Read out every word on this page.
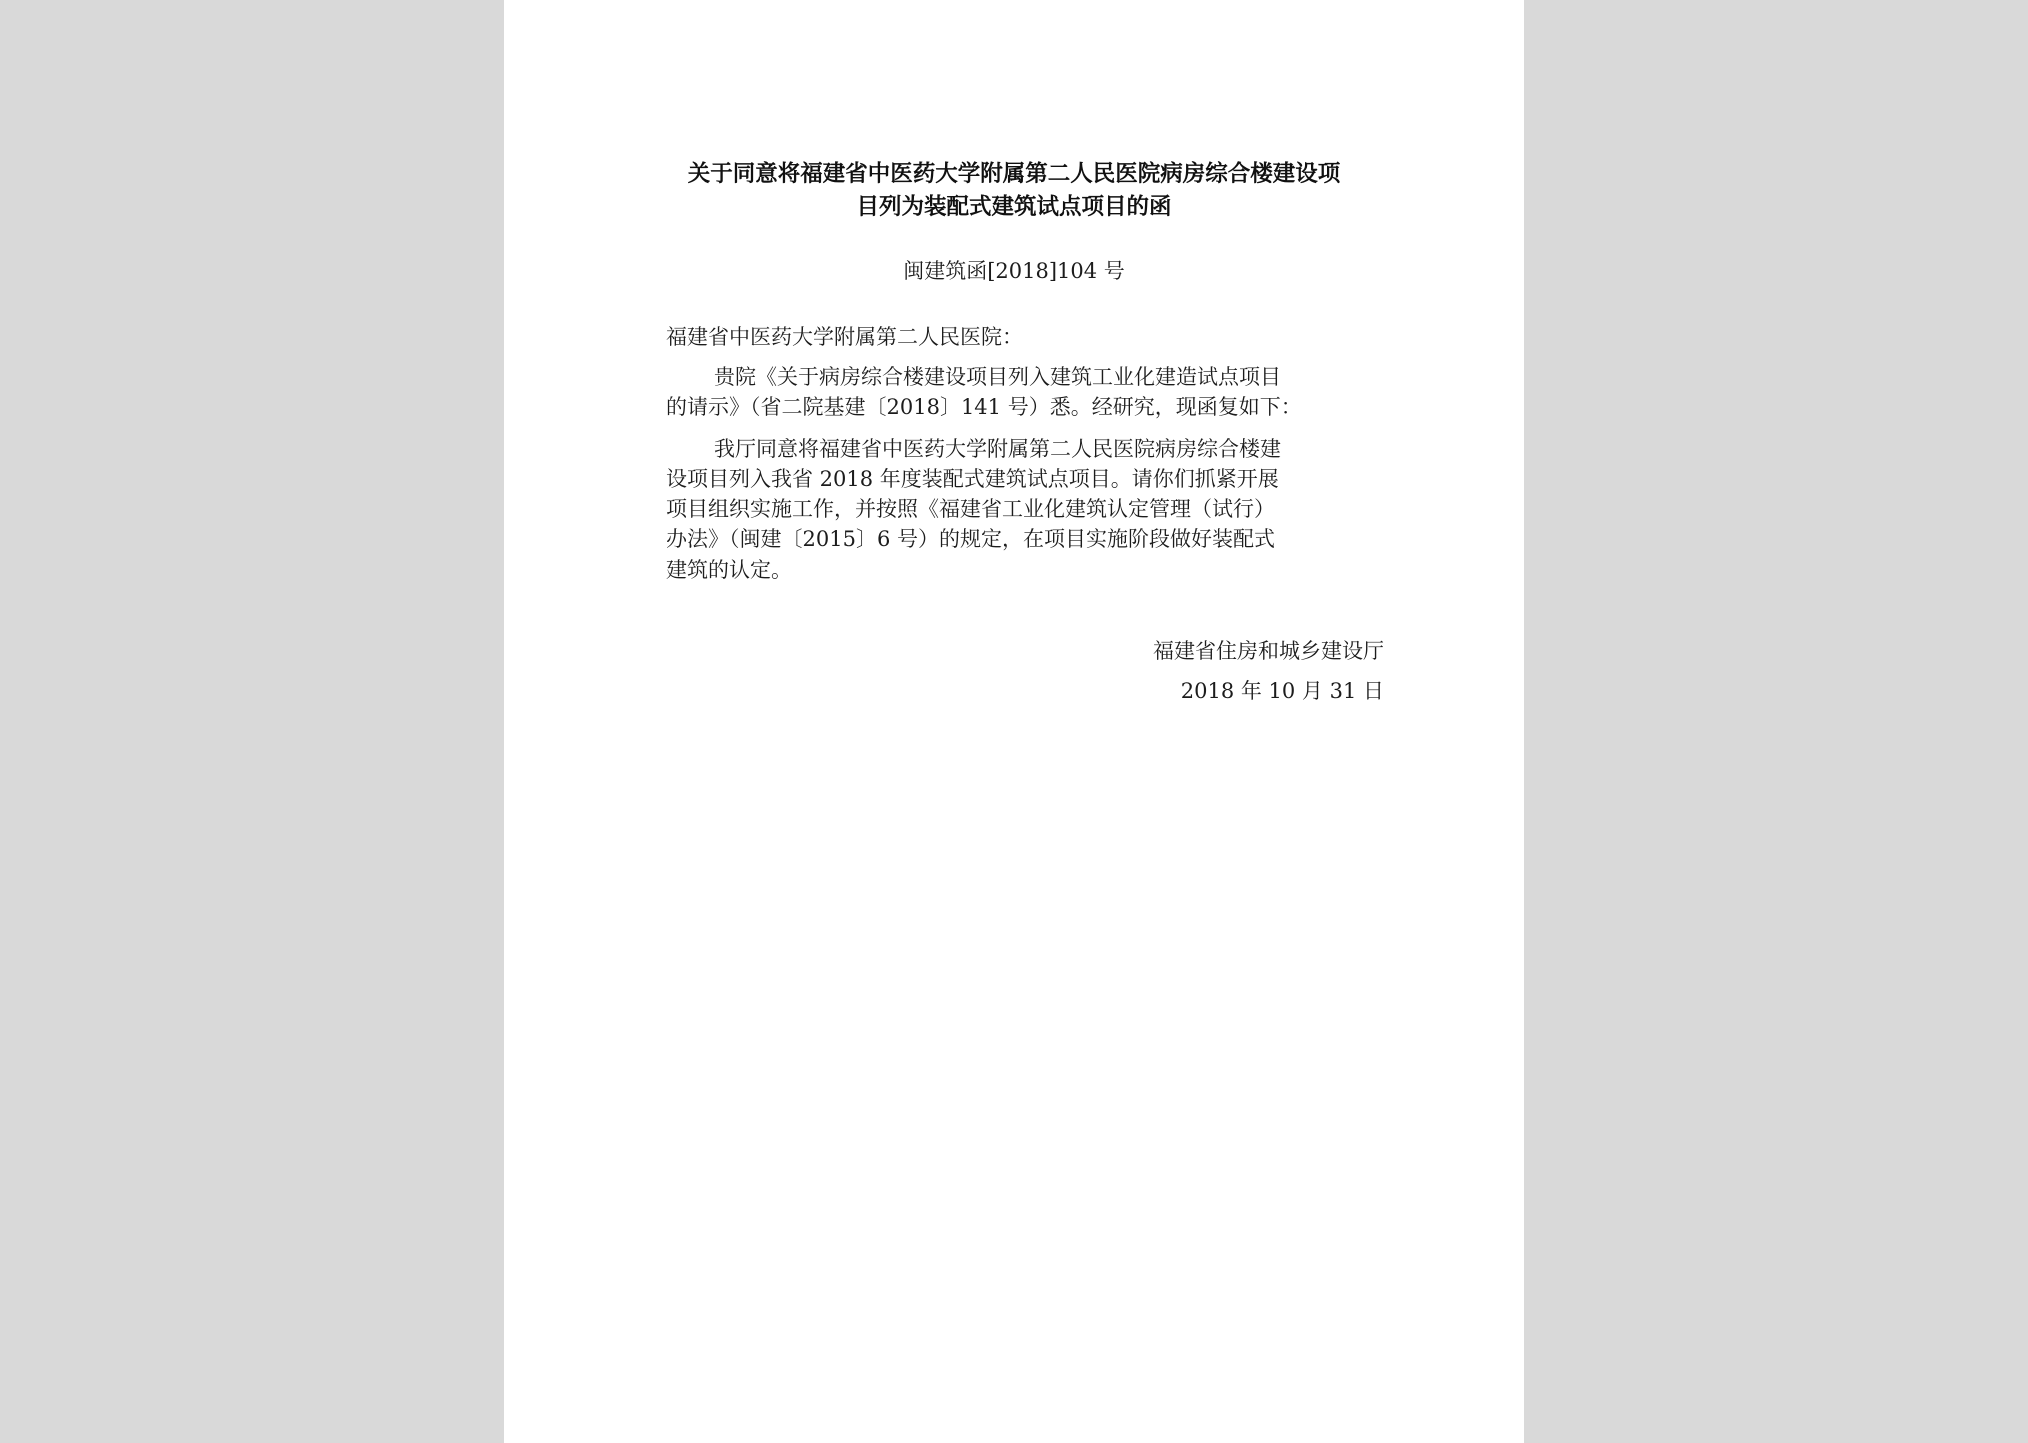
关于同意将福建省中医药大学附属第二人民医院病房综合楼建设项
目列为装配式建筑试点项目的函
闽建筑函[2018]104 号
福建省中医药大学附属第二人民医院：
贵院《关于病房综合楼建设项目列入建筑工业化建造试点项目
的请示》（省二院基建〔2018〕141 号）悉。经研究，现函复如下：
我厅同意将福建省中医药大学附属第二人民医院病房综合楼建
设项目列入我省 2018 年度装配式建筑试点项目。请你们抓紧开展
项目组织实施工作，并按照《福建省工业化建筑认定管理（试行）
办法》（闽建〔2015〕6 号）的规定，在项目实施阶段做好装配式
建筑的认定。
福建省住房和城乡建设厅
2018 年 10 月 31 日
